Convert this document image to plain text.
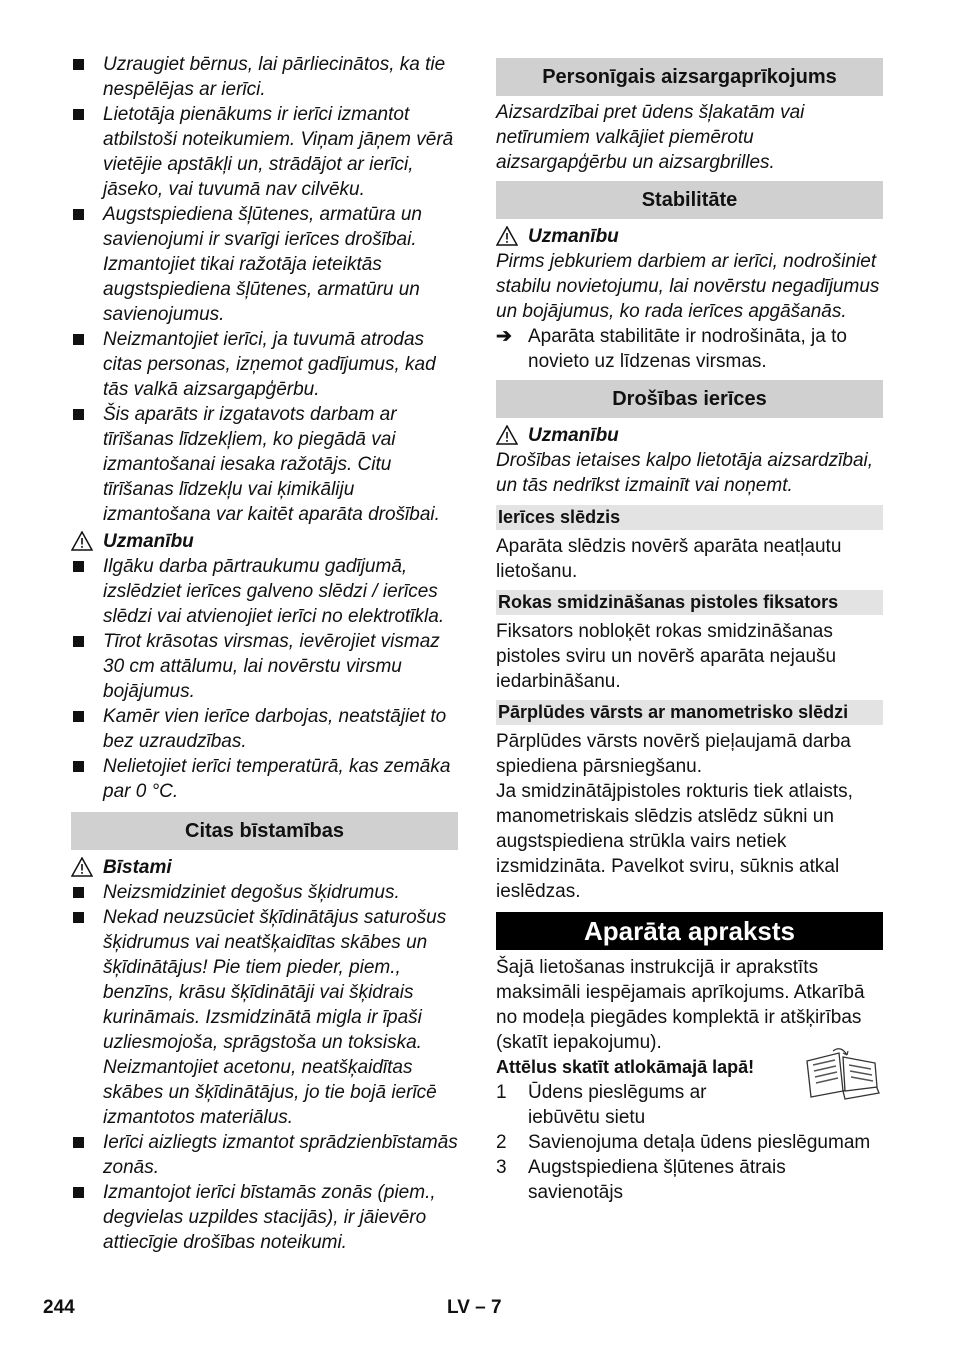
Uzraugiet bērnus, lai pārliecinātos, ka tie nespēlējas ar ierīci.
Lietotāja pienākums ir ierīci izmantot atbilstoši noteikumiem. Viņam jāņem vērā vietējie apstākļi un, strādājot ar ierīci, jāseko, vai tuvumā nav cilvēku.
Augstspiediena šļūtenes, armatūra un savienojumi ir svarīgi ierīces drošībai. Izmantojiet tikai ražotāja ieteiktās augstspiediena šļūtenes, armatūru un savienojumus.
Neizmantojiet ierīci, ja tuvumā atrodas citas personas, izņemot gadījumus, kad tās valkā aizsargapģērbu.
Šis aparāts ir izgatavots darbam ar tīrīšanas līdzekļiem, ko piegādā vai izmantošanai iesaka ražotājs. Citu tīrīšanas līdzekļu vai ķimikāliju izmantošana var kaitēt aparāta drošībai.
Uzmanību
Ilgāku darba pārtraukumu gadījumā, izslēdziet ierīces galveno slēdzi / ierīces slēdzi vai atvienojiet ierīci no elektrotīkla.
Tīrot krāsotas virsmas, ievērojiet vismaz 30 cm attālumu, lai novērstu virsmu bojājumus.
Kamēr vien ierīce darbojas, neatstājiet to bez uzraudzības.
Nelietojiet ierīci temperatūrā, kas zemāka par 0 °C.
Citas bīstamības
Bīstami
Neizsmidziniet degošus šķidrumus.
Nekad neuzsūciet šķīdinātājus saturošus šķidrumus vai neatšķaidītas skābes un šķīdinātājus! Pie tiem pieder, piem., benzīns, krāsu šķīdinātāji vai šķidrais kurināmais. Izsmidzinātā migla ir īpaši uzliesmojoša, sprāgstoša un toksiska. Neizmantojiet acetonu, neatšķaidītas skābes un šķīdinātājus, jo tie bojā ierīcē izmantotos materiālus.
Ierīci aizliegts izmantot sprādzienbīstamās zonās.
Izmantojot ierīci bīstamās zonās (piem., degvielas uzpildes stacijās), ir jāievēro attiecīgie drošības noteikumi.
Personīgais aizsargaprīkojums

Aizsardzībai pret ūdens šļakatām vai netīrumiem valkājiet piemērotu aizsargapģērbu un aizsargbrilles.

Stabilitāte
Uzmanību

Pirms jebkuriem darbiem ar ierīci, nodrošiniet stabilu novietojumu, lai novērstu negadījumus un bojājumus, ko rada ierīces apgāšanās.

➔ Aparāta stabilitāte ir nodrošināta, ja to novieto uz līdzenas virsmas.
Drošības ierīces
Uzmanību

Drošības ietaises kalpo lietotāja aizsardzībai, un tās nedrīkst izmainīt vai noņemt.

Ierīces slēdzis

Aparāta slēdzis novērš aparāta neatļautu lietošanu.

Rokas smidzināšanas pistoles fiksators

Fiksators nobloķēt rokas smidzināšanas pistoles sviru un novērš aparāta nejaušu iedarbināšanu.

Pārplūdes vārsts ar manometrisko slēdzi

Pārplūdes vārsts novērš pieļaujamā darba spiediena pārsniegšanu.

Ja smidzinātājpistoles rokturis tiek atlaists, manometriskais slēdzis atslēdz sūkni un augstspiediena strūkla vairs netiek izsmidzināta. Pavelkot sviru, sūknis atkal ieslēdzas.

Aparāta apraksts

Šajā lietošanas instrukcijā ir aprakstīts maksimāli iespējamais aprīkojums. Atkarībā no modeļa piegādes komplektā ir atšķirības (skatīt iepakojumu).

Attēlus skatīt atlokāmajā lapā!

1 Ūdens pieslēgums ar iebūvētu sietu
2 Savienojuma detaļa ūdens pieslēgumam
3 Augstspiediena šļūtenes ātrais savienotājs
244	LV – 7
